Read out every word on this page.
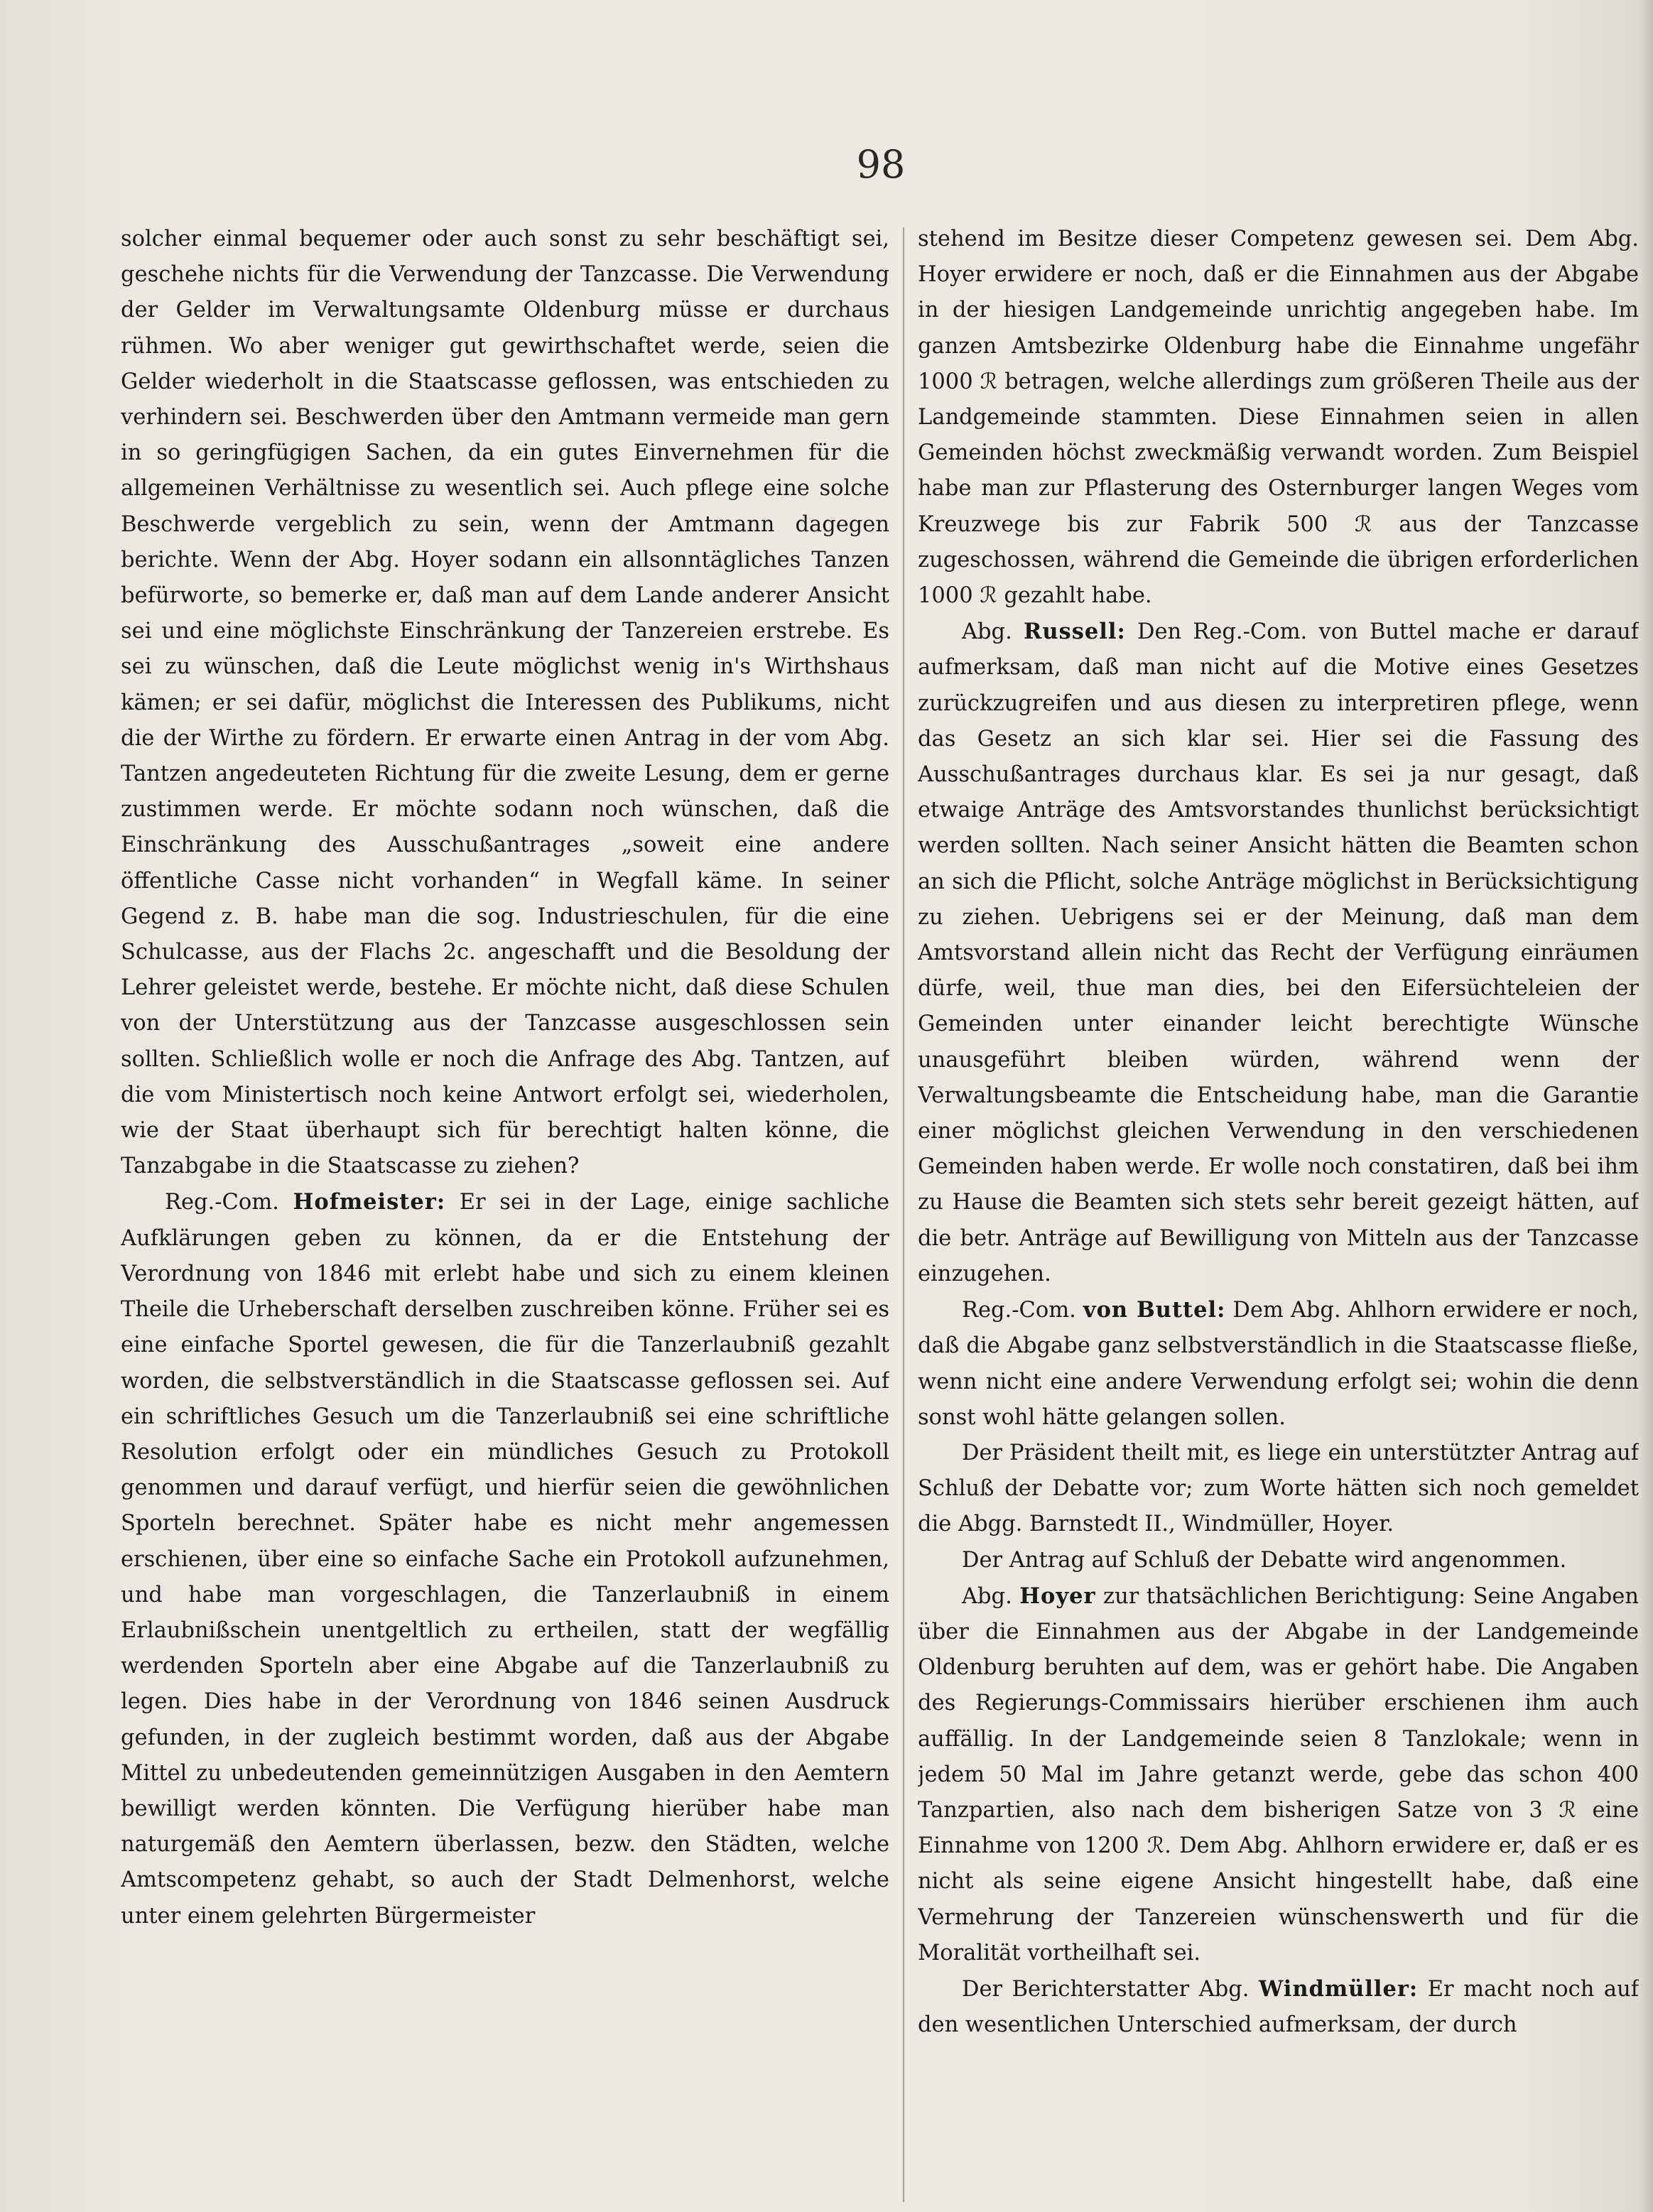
98

solcher einmal bequemer oder auch sonst zu sehr beschäftigt sei, geschehe nichts für die Verwendung der Tanzcasse. Die Verwendung der Gelder im Verwaltungsamte Oldenburg müsse er durchaus rühmen. Wo aber weniger gut gewirthschaftet werde, seien die Gelder wiederholt in die Staatscasse geflossen, was entschieden zu verhindern sei. Beschwerden über den Amtmann vermeide man gern in so geringfügigen Sachen, da ein gutes Einvernehmen für die allgemeinen Verhältnisse zu wesentlich sei. Auch pflege eine solche Beschwerde vergeblich zu sein, wenn der Amtmann dagegen berichte. Wenn der Abg. Hoyer sodann ein allsonntägliches Tanzen befürworte, so bemerke er, daß man auf dem Lande anderer Ansicht sei und eine möglichste Einschränkung der Tanzereien erstrebe. Es sei zu wünschen, daß die Leute möglichst wenig in's Wirthshaus kämen; er sei dafür, möglichst die Interessen des Publikums, nicht die der Wirthe zu fördern. Er erwarte einen Antrag in der vom Abg. Tantzen angedeuteten Richtung für die zweite Lesung, dem er gerne zustimmen werde. Er möchte sodann noch wünschen, daß die Einschränkung des Ausschußantrages „soweit eine andere öffentliche Casse nicht vorhanden“ in Wegfall käme. In seiner Gegend z. B. habe man die sog. Industrieschulen, für die eine Schulcasse, aus der Flachs 2c. angeschafft und die Besoldung der Lehrer geleistet werde, bestehe. Er möchte nicht, daß diese Schulen von der Unterstützung aus der Tanzcasse ausgeschlossen sein sollten. Schließlich wolle er noch die Anfrage des Abg. Tantzen, auf die vom Ministertisch noch keine Antwort erfolgt sei, wiederholen, wie der Staat überhaupt sich für berechtigt halten könne, die Tanzabgabe in die Staatscasse zu ziehen?

Reg.-Com. Hofmeister: Er sei in der Lage, einige sachliche Aufklärungen geben zu können, da er die Entstehung der Verordnung von 1846 mit erlebt habe und sich zu einem kleinen Theile die Urheberschaft derselben zuschreiben könne. Früher sei es eine einfache Sportel gewesen, die für die Tanzerlaubniß gezahlt worden, die selbstverständlich in die Staatscasse geflossen sei. Auf ein schriftliches Gesuch um die Tanzerlaubniß sei eine schriftliche Resolution erfolgt oder ein mündliches Gesuch zu Protokoll genommen und darauf verfügt, und hierfür seien die gewöhnlichen Sporteln berechnet. Später habe es nicht mehr angemessen erschienen, über eine so einfache Sache ein Protokoll aufzunehmen, und habe man vorgeschlagen, die Tanzerlaubniß in einem Erlaubnißschein unentgeltlich zu ertheilen, statt der wegfällig werdenden Sporteln aber eine Abgabe auf die Tanzerlaubniß zu legen. Dies habe in der Verordnung von 1846 seinen Ausdruck gefunden, in der zugleich bestimmt worden, daß aus der Abgabe Mittel zu unbedeutenden gemeinnützigen Ausgaben in den Aemtern bewilligt werden könnten. Die Verfügung hierüber habe man naturgemäß den Aemtern überlassen, bezw. den Städten, welche Amtscompetenz gehabt, so auch der Stadt Delmenhorst, welche unter einem gelehrten Bürgermeister

stehend im Besitze dieser Competenz gewesen sei. Dem Abg. Hoyer erwidere er noch, daß er die Einnahmen aus der Abgabe in der hiesigen Landgemeinde unrichtig angegeben habe. Im ganzen Amtsbezirke Oldenburg habe die Einnahme ungefähr 1000 ℛ betragen, welche allerdings zum größeren Theile aus der Landgemeinde stammten. Diese Einnahmen seien in allen Gemeinden höchst zweckmäßig verwandt worden. Zum Beispiel habe man zur Pflasterung des Osternburger langen Weges vom Kreuzwege bis zur Fabrik 500 ℛ aus der Tanzcasse zugeschossen, während die Gemeinde die übrigen erforderlichen 1000 ℛ gezahlt habe.

Abg. Russell: Den Reg.-Com. von Buttel mache er darauf aufmerksam, daß man nicht auf die Motive eines Gesetzes zurückzugreifen und aus diesen zu interpretiren pflege, wenn das Gesetz an sich klar sei. Hier sei die Fassung des Ausschußantrages durchaus klar. Es sei ja nur gesagt, daß etwaige Anträge des Amtsvorstandes thunlichst berücksichtigt werden sollten. Nach seiner Ansicht hätten die Beamten schon an sich die Pflicht, solche Anträge möglichst in Berücksichtigung zu ziehen. Uebrigens sei er der Meinung, daß man dem Amtsvorstand allein nicht das Recht der Verfügung einräumen dürfe, weil, thue man dies, bei den Eifersüchteleien der Gemeinden unter einander leicht berechtigte Wünsche unausgeführt bleiben würden, während wenn der Verwaltungsbeamte die Entscheidung habe, man die Garantie einer möglichst gleichen Verwendung in den verschiedenen Gemeinden haben werde. Er wolle noch constatiren, daß bei ihm zu Hause die Beamten sich stets sehr bereit gezeigt hätten, auf die betr. Anträge auf Bewilligung von Mitteln aus der Tanzcasse einzugehen.

Reg.-Com. von Buttel: Dem Abg. Ahlhorn erwidere er noch, daß die Abgabe ganz selbstverständlich in die Staatscasse fließe, wenn nicht eine andere Verwendung erfolgt sei; wohin die denn sonst wohl hätte gelangen sollen.

Der Präsident theilt mit, es liege ein unterstützter Antrag auf Schluß der Debatte vor; zum Worte hätten sich noch gemeldet die Abgg. Barnstedt II., Windmüller, Hoyer.

Der Antrag auf Schluß der Debatte wird angenommen.

Abg. Hoyer zur thatsächlichen Berichtigung: Seine Angaben über die Einnahmen aus der Abgabe in der Landgemeinde Oldenburg beruhten auf dem, was er gehört habe. Die Angaben des Regierungs-Commissairs hierüber erschienen ihm auch auffällig. In der Landgemeinde seien 8 Tanzlokale; wenn in jedem 50 Mal im Jahre getanzt werde, gebe das schon 400 Tanzpartien, also nach dem bisherigen Satze von 3 ℛ eine Einnahme von 1200 ℛ. Dem Abg. Ahlhorn erwidere er, daß er es nicht als seine eigene Ansicht hingestellt habe, daß eine Vermehrung der Tanzereien wünschenswerth und für die Moralität vortheilhaft sei.

Der Berichterstatter Abg. Windmüller: Er macht noch auf den wesentlichen Unterschied aufmerksam, der durch
